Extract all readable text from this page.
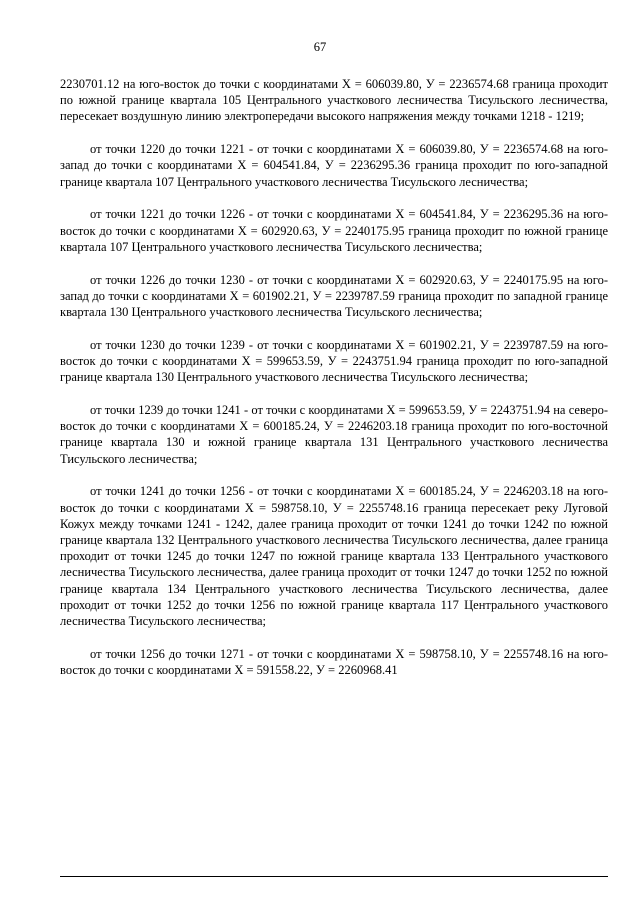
67

2230701.12 на юго-восток до точки с координатами X = 606039.80, У = 2236574.68 граница проходит по южной границе квартала 105 Центрального участкового лесничества Тисульского лесничества, пересекает воздушную линию электропередачи высокого напряжения между точками 1218 - 1219;

от точки 1220 до точки 1221 - от точки с координатами X = 606039.80, У = 2236574.68 на юго-запад до точки с координатами X = 604541.84, У = 2236295.36 граница проходит по юго-западной границе квартала 107 Центрального участкового лесничества Тисульского лесничества;

от точки 1221 до точки 1226 - от точки с координатами X = 604541.84, У = 2236295.36 на юго-восток до точки с координатами X = 602920.63, У = 2240175.95 граница проходит по южной границе квартала 107 Центрального участкового лесничества Тисульского лесничества;

от точки 1226 до точки 1230 - от точки с координатами X = 602920.63, У = 2240175.95 на юго-запад до точки с координатами X = 601902.21, У = 2239787.59 граница проходит по западной границе квартала 130 Центрального участкового лесничества Тисульского лесничества;

от точки 1230 до точки 1239 - от точки с координатами X = 601902.21, У = 2239787.59 на юго-восток до точки с координатами X = 599653.59, У = 2243751.94 граница проходит по юго-западной границе квартала 130 Центрального участкового лесничества Тисульского лесничества;

от точки 1239 до точки 1241 - от точки с координатами X = 599653.59, У = 2243751.94 на северо-восток до точки с координатами X = 600185.24, У = 2246203.18 граница проходит по юго-восточной границе квартала 130 и южной границе квартала 131 Центрального участкового лесничества Тисульского лесничества;

от точки 1241 до точки 1256 - от точки с координатами X = 600185.24, У = 2246203.18 на юго-восток до точки с координатами X = 598758.10, У = 2255748.16 граница пересекает реку Луговой Кожух между точками 1241 - 1242, далее граница проходит от точки 1241 до точки 1242 по южной границе квартала 132 Центрального участкового лесничества Тисульского лесничества, далее граница проходит от точки 1245 до точки 1247 по южной границе квартала 133 Центрального участкового лесничества Тисульского лесничества, далее граница проходит от точки 1247 до точки 1252 по южной границе квартала 134 Центрального участкового лесничества Тисульского лесничества, далее проходит от точки 1252 до точки 1256 по южной границе квартала 117 Центрального участкового лесничества Тисульского лесничества;

от точки 1256 до точки 1271 - от точки с координатами X = 598758.10, У = 2255748.16 на юго-восток до точки с координатами X = 591558.22, У = 2260968.41
